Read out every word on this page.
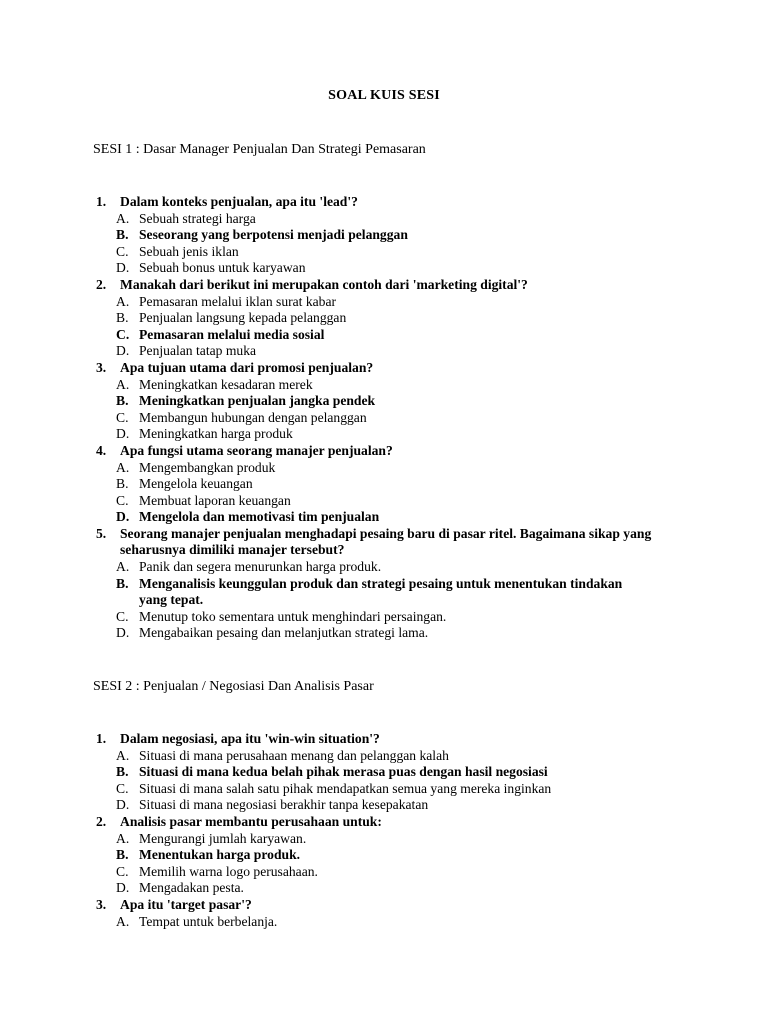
SOAL KUIS SESI
SESI 1 : Dasar Manager Penjualan Dan Strategi Pemasaran
1. Dalam konteks penjualan, apa itu 'lead'?
A. Sebuah strategi harga
B. Seseorang yang berpotensi menjadi pelanggan
C. Sebuah jenis iklan
D. Sebuah bonus untuk karyawan
2. Manakah dari berikut ini merupakan contoh dari 'marketing digital'?
A. Pemasaran melalui iklan surat kabar
B. Penjualan langsung kepada pelanggan
C. Pemasaran melalui media sosial
D. Penjualan tatap muka
3. Apa tujuan utama dari promosi penjualan?
A. Meningkatkan kesadaran merek
B. Meningkatkan penjualan jangka pendek
C. Membangun hubungan dengan pelanggan
D. Meningkatkan harga produk
4. Apa fungsi utama seorang manajer penjualan?
A. Mengembangkan produk
B. Mengelola keuangan
C. Membuat laporan keuangan
D. Mengelola dan memotivasi tim penjualan
5. Seorang manajer penjualan menghadapi pesaing baru di pasar ritel. Bagaimana sikap yang seharusnya dimiliki manajer tersebut?
A. Panik dan segera menurunkan harga produk.
B. Menganalisis keunggulan produk dan strategi pesaing untuk menentukan tindakan yang tepat.
C. Menutup toko sementara untuk menghindari persaingan.
D. Mengabaikan pesaing dan melanjutkan strategi lama.
SESI 2 : Penjualan / Negosiasi Dan Analisis Pasar
1. Dalam negosiasi, apa itu 'win-win situation'?
A. Situasi di mana perusahaan menang dan pelanggan kalah
B. Situasi di mana kedua belah pihak merasa puas dengan hasil negosiasi
C. Situasi di mana salah satu pihak mendapatkan semua yang mereka inginkan
D. Situasi di mana negosiasi berakhir tanpa kesepakatan
2. Analisis pasar membantu perusahaan untuk:
A. Mengurangi jumlah karyawan.
B. Menentukan harga produk.
C. Memilih warna logo perusahaan.
D. Mengadakan pesta.
3. Apa itu 'target pasar'?
A. Tempat untuk berbelanja.
